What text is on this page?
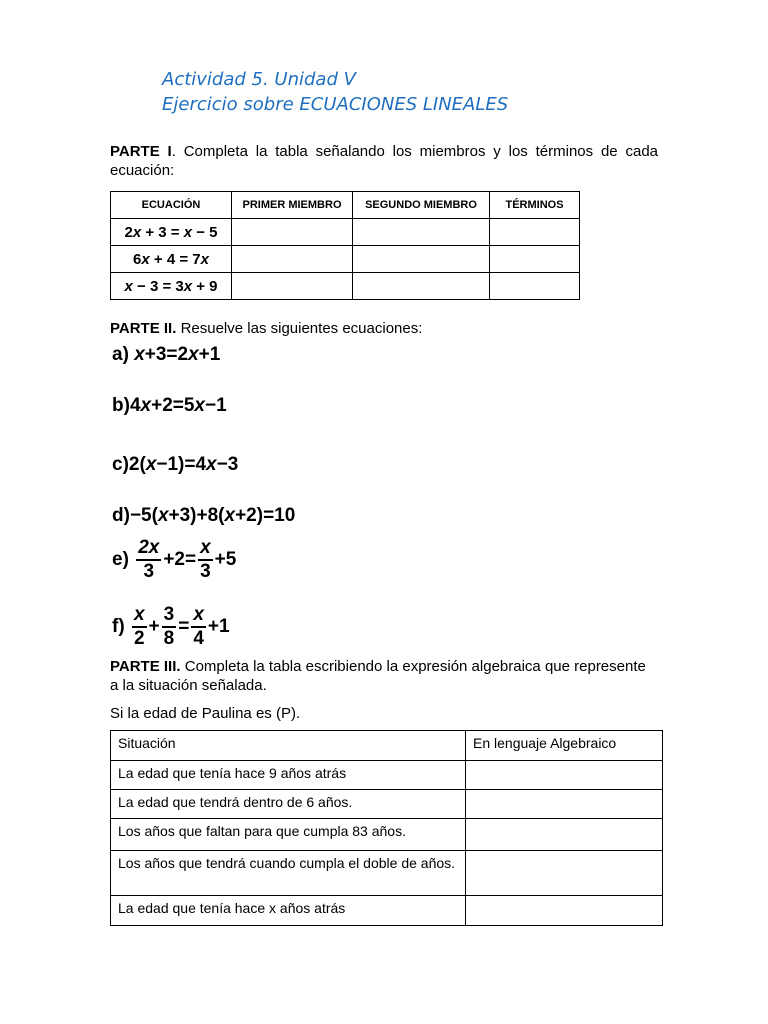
Actividad 5. Unidad V
Ejercicio sobre ECUACIONES LINEALES
PARTE I. Completa la tabla señalando los miembros y los términos de cada ecuación:
ECUACIÓN	PRIMER MIEMBRO	SEGUNDO MIEMBRO	TÉRMINOS
2x + 3 = x − 5			
6x + 4 = 7x			
x − 3 = 3x + 9			
PARTE II. Resuelve las siguientes ecuaciones:
a) x+3=2x+1
b)4x+2=5x−1
c)2(x−1)=4x−3
d)−5(x+3)+8(x+2)=10
$e) \frac{2x}{3} +2= \frac{x}{3} +5$
$f) \frac{x}{2} + \frac{3}{8} = \frac{x}{4} +1$
PARTE III. Completa la tabla escribiendo la expresión algebraica que represente a la situación señalada.
Si la edad de Paulina es (P).
Situación	En lenguaje Algebraico
La edad que tenía hace 9 años atrás	
La edad que tendrá dentro de 6 años.	
Los años que faltan para que cumpla 83 años.	
Los años que tendrá cuando cumpla el doble de años.	
La edad que tenía hace x años atrás	
